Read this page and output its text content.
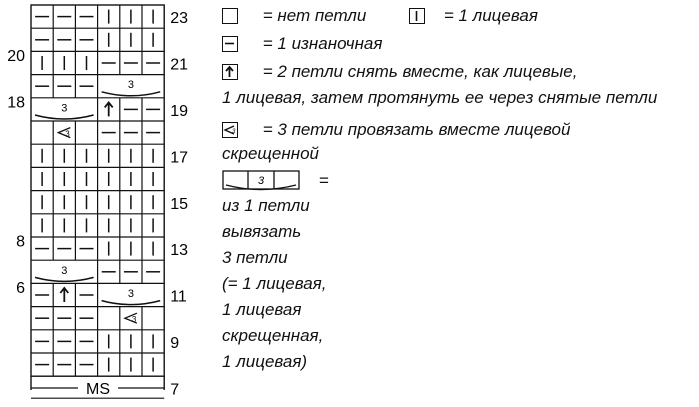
3
3
3
3
3
3
23
21
19
17
15
13
11
9
7
20
18
8
6
MS
= нет петли	= 1 лицевая
= 1 изнаночная
= 2 петли снять вместе, как лицевые,
1 лицевая, затем протянуть ее через снятые петли
3 = 3 петли провязать вместе лицевой
скрещенной
3	=
из 1 петли
вывязать
3 петли
(= 1 лицевая,
1 лицевая
скрещенная,
1 лицевая)
